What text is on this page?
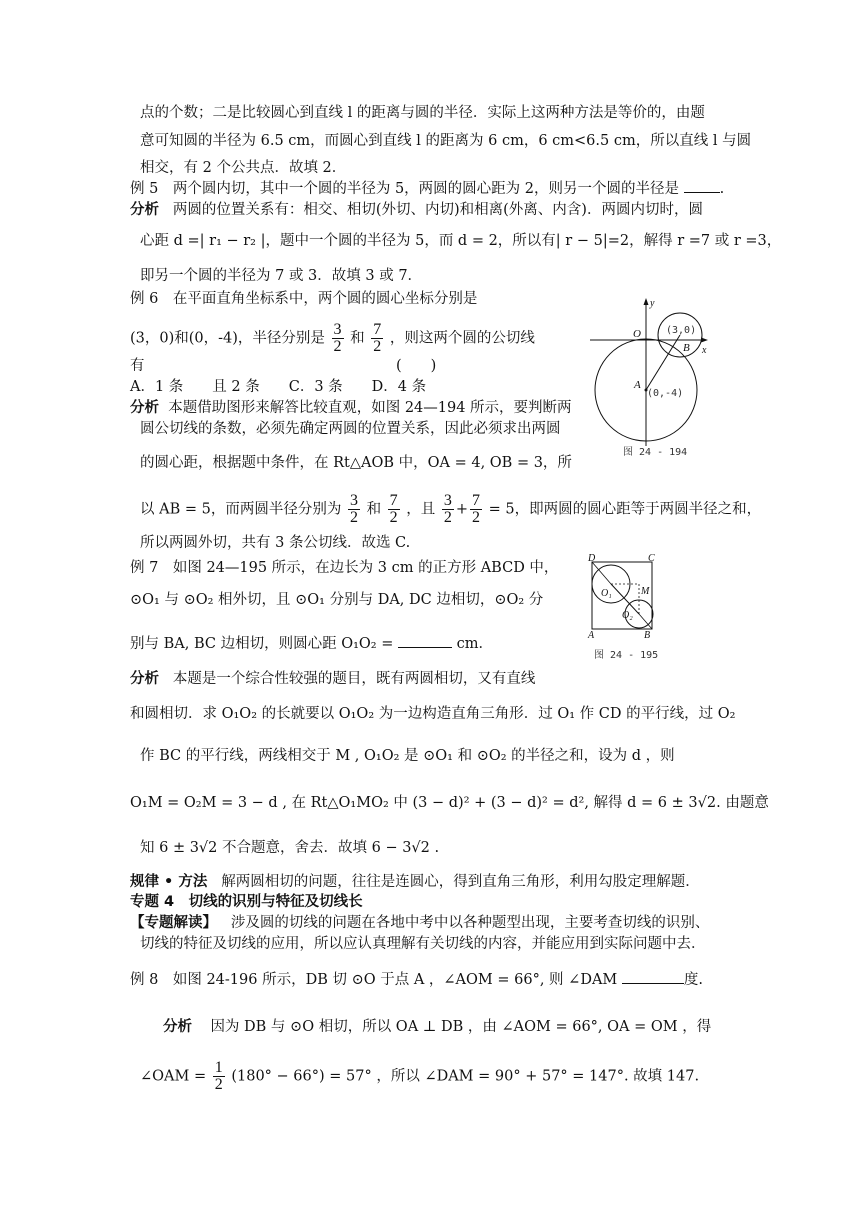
点的个数；二是比较圆心到直线 l 的距离与圆的半径．实际上这两种方法是等价的，由题
意可知圆的半径为 6.5 cm，而圆心到直线 l 的距离为 6 cm，6 cm<6.5 cm，所以直线 l 与圆
相交，有 2 个公共点．故填 2．
例 5　两个圆内切，其中一个圆的半径为 5，两圆的圆心距为 2，则另一个圆的半径是	.
分析 两圆的位置关系有：相交、相切(外切、内切)和相离(外离、内含)．两圆内切时，圆
心距 d =| r₁ − r₂ |，题中一个圆的半径为 5，而 d = 2，所以有| r − 5|=2，解得 r =7 或 r =3，
即另一个圆的半径为 7 或 3．故填 3 或 7．
例 6　在平面直角坐标系中，两个圆的圆心坐标分别是
(3，0)和(0，-4)，半径分别是 $\frac{3}{2}$ 和 $\frac{7}{2}$ ，则这两个圆的公切线
有	(　　)
A．1 条　　且 2 条　　C．3 条　　D．4 条
分析 本题借助图形来解答比较直观，如图 24—194 所示，要判断两
圆公切线的条数，必须先确定两圆的位置关系，因此必须求出两圆
的圆心距，根据题中条件，在 Rt△AOB 中，OA = 4, OB = 3，所
以 AB = 5，而两圆半径分别为 $\frac{3}{2}$ 和 $\frac{7}{2}$ ，且 $\frac{3}{2} + \frac{7}{2} = 5$，即两圆的圆心距等于两圆半径之和，
所以两圆外切，共有 3 条公切线．故选 C.
y
x
O
A
B
(3,0)
(0,-4)
图 24 - 194
例 7　如图 24—195 所示，在边长为 3 cm 的正方形 ABCD 中，
⊙O₁ 与 ⊙O₂ 相外切，且 ⊙O₁ 分别与 DA, DC 边相切，⊙O₂ 分
别与 BA, BC 边相切，则圆心距 O₁O₂ =	cm．
分析 本题是一个综合性较强的题目，既有两圆相切，又有直线
和圆相切．求 O₁O₂ 的长就要以 O₁O₂ 为一边构造直角三角形．过 O₁ 作 CD 的平行线，过 O₂
作 BC 的平行线，两线相交于 M , O₁O₂ 是 ⊙O₁ 和 ⊙O₂ 的半径之和，设为 d ，则
O₁M = O₂M = 3 − d , 在 Rt△O₁MO₂ 中 (3 − d)² + (3 − d)² = d², 解得 d = 6 ± 3√2. 由题意
知 6 ± 3√2 不合题意，舍去．故填 6 − 3√2 .
D	C
A	B
M
O₁
O₂
图 24 - 195
规律 • 方法 解两圆相切的问题，往往是连圆心，得到直角三角形，利用勾股定理解题．
专题 4　切线的识别与特征及切线长
【专题解读】 涉及圆的切线的问题在各地中考中以各种题型出现，主要考查切线的识别、
切线的特征及切线的应用，所以应认真理解有关切线的内容，并能应用到实际问题中去．
例 8　如图 24-196 所示，DB 切 ⊙O 于点 A ，∠AOM = 66°, 则 ∠DAM	度.
分析 因为 DB 与 ⊙O 相切，所以 OA ⊥ DB ，由 ∠AOM = 66°, OA = OM ，得
∠OAM = $\frac{1}{2} (180^\circ - 66^\circ) = 57^\circ$ ，所以 ∠DAM = 90° + 57° = 147°. 故填 147.
